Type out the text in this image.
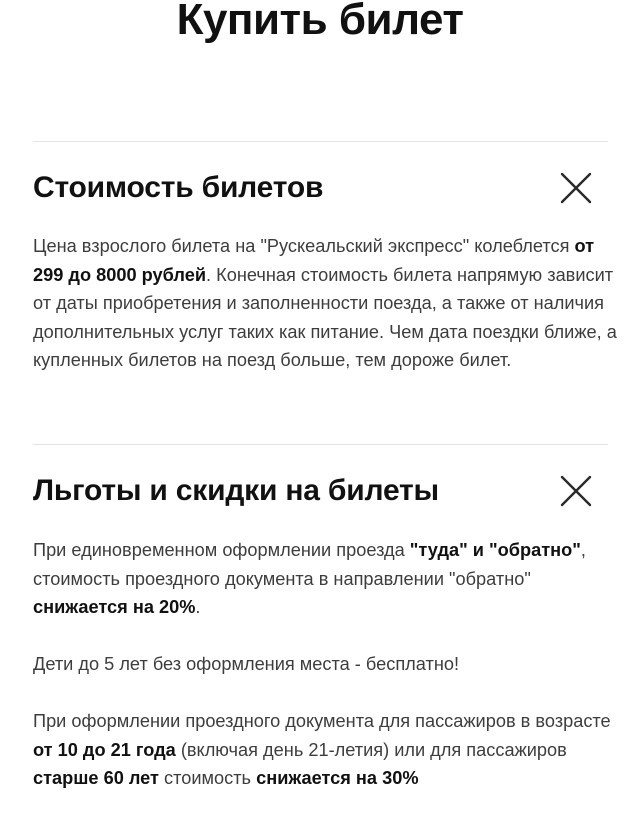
Купить билет
Стоимость билетов

Цена взрослого билета на "Рускеальский экспресс" колеблется от 299 до 8000 рублей. Конечная стоимость билета напрямую зависит от даты приобретения и заполненности поезда, а также от наличия дополнительных услуг таких как питание. Чем дата поездки ближе, а купленных билетов на поезд больше, тем дороже билет.

Льготы и скидки на билеты

При единовременном оформлении проезда "туда" и "обратно", стоимость проездного документа в направлении "обратно" снижается на 20%.

Дети до 5 лет без оформления места - бесплатно!

При оформлении проездного документа для пассажиров в возрасте от 10 до 21 года (включая день 21-летия) или для пассажиров старше 60 лет стоимость снижается на 30%
